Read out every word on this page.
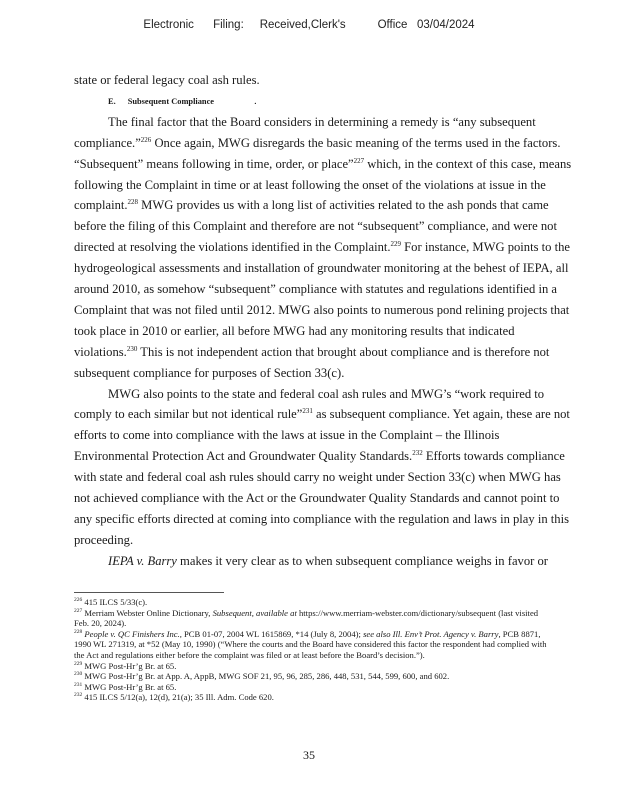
Electronic      Filing:     Received,Clerk's          Office   03/04/2024

state or federal legacy coal ash rules.

E. Subsequent Compliance	.

The final factor that the Board considers in determining a remedy is “any subsequent compliance.”$^{226}$ Once again, MWG disregards the basic meaning of the terms used in the factors. “Subsequent” means following in time, order, or place”$^{227}$ which, in the context of this case, means following the Complaint in time or at least following the onset of the violations at issue in the complaint.$^{228}$ MWG provides us with a long list of activities related to the ash ponds that came before the filing of this Complaint and therefore are not “subsequent” compliance, and were not directed at resolving the violations identified in the Complaint.$^{229}$ For instance, MWG points to the hydrogeological assessments and installation of groundwater monitoring at the behest of IEPA, all around 2010, as somehow “subsequent” compliance with statutes and regulations identified in a Complaint that was not filed until 2012. MWG also points to numerous pond relining projects that took place in 2010 or earlier, all before MWG had any monitoring results that indicated violations.$^{230}$ This is not independent action that brought about compliance and is therefore not subsequent compliance for purposes of Section 33(c).

MWG also points to the state and federal coal ash rules and MWG’s “work required to comply to each similar but not identical rule”$^{231}$ as subsequent compliance. Yet again, these are not efforts to come into compliance with the laws at issue in the Complaint – the Illinois Environmental Protection Act and Groundwater Quality Standards.$^{232}$ Efforts towards compliance with state and federal coal ash rules should carry no weight under Section 33(c) when MWG has not achieved compliance with the Act or the Groundwater Quality Standards and cannot point to any specific efforts directed at coming into compliance with the regulation and laws in play in this proceeding.

IEPA v. Barry makes it very clear as to when subsequent compliance weighs in favor or

$^{226}$ 415 ILCS 5/33(c).

$^{227}$ Merriam Webster Online Dictionary, Subsequent, available at https://www.merriam-webster.com/dictionary/subsequent (last visited Feb. 20, 2024).

$^{228}$ People v. QC Finishers Inc., PCB 01-07, 2004 WL 1615869, *14 (July 8, 2004); see also Ill. Env’t Prot. Agency v. Barry, PCB 8871, 1990 WL 271319, at *52 (May 10, 1990) (“Where the courts and the Board have considered this factor the respondent had complied with the Act and regulations either before the complaint was filed or at least before the Board’s decision.”).

$^{229}$ MWG Post-Hr’g Br. at 65.

$^{230}$ MWG Post-Hr’g Br. at App. A, AppB, MWG SOF 21, 95, 96, 285, 286, 448, 531, 544, 599, 600, and 602.

$^{231}$ MWG Post-Hr’g Br. at 65.

$^{232}$ 415 ILCS 5/12(a), 12(d), 21(a); 35 Ill. Adm. Code 620.

35
